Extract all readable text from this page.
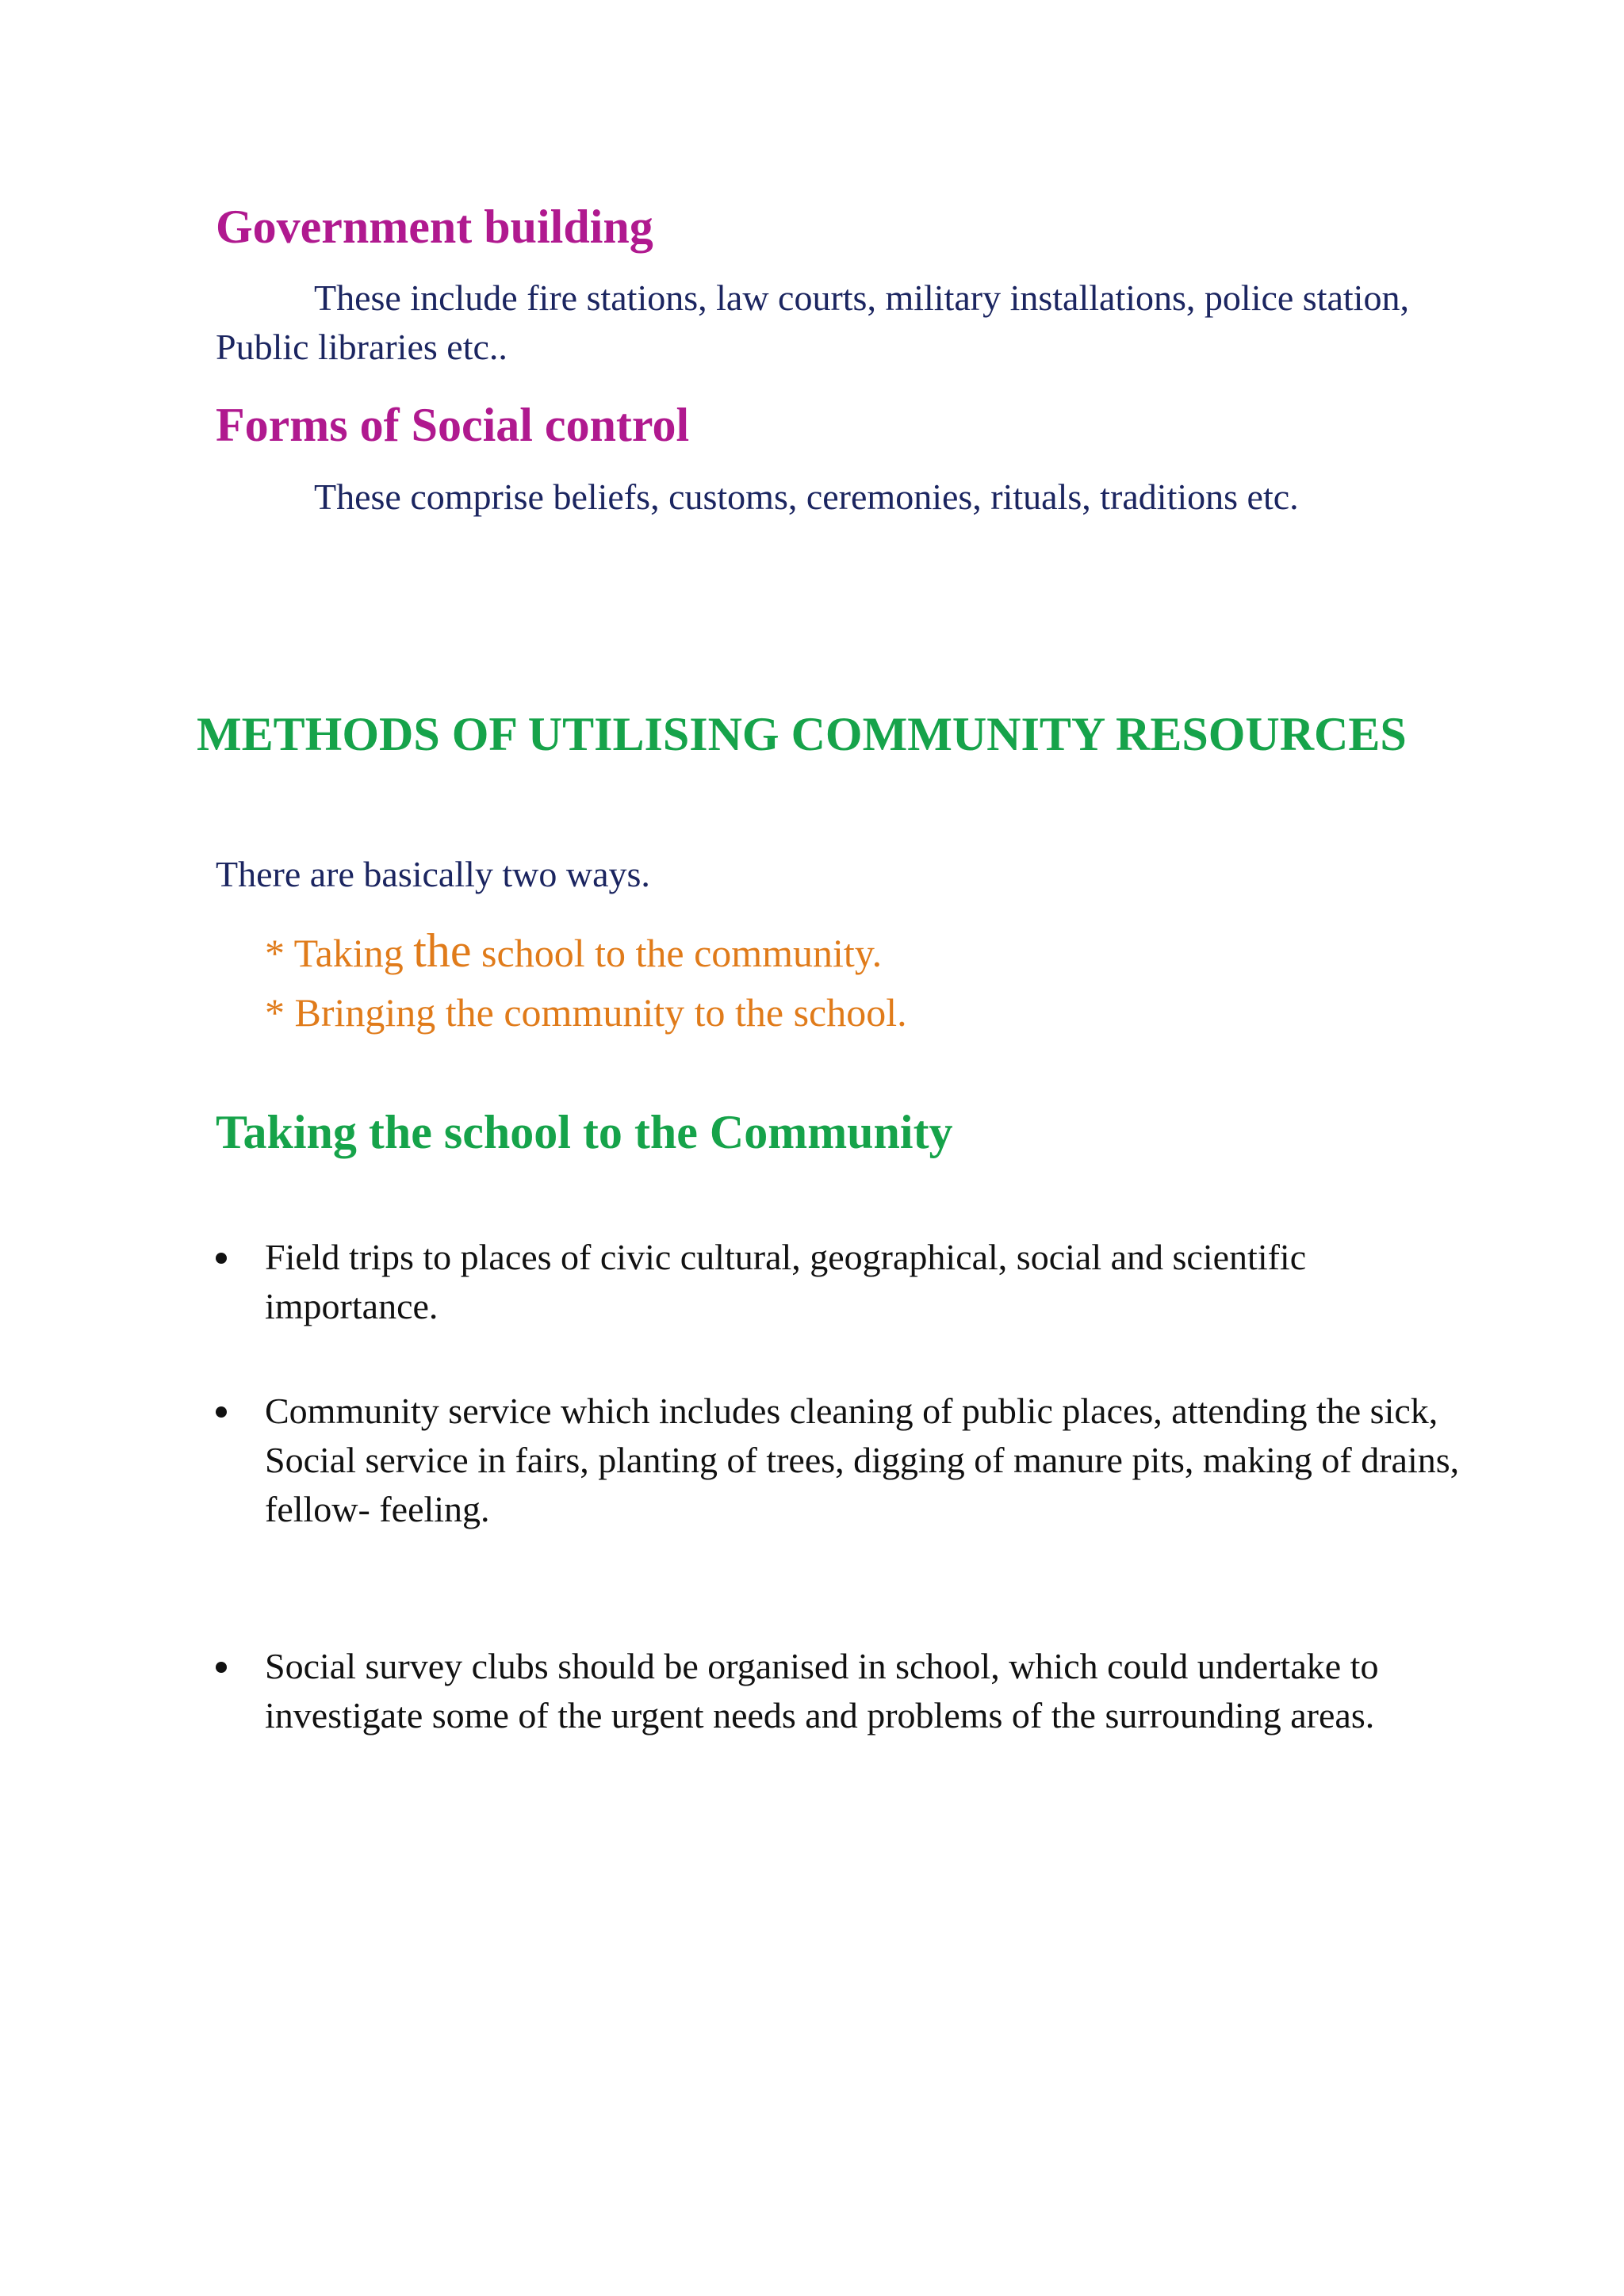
Government building
These include fire stations, law courts, military installations, police station,
Public libraries etc..
Forms of Social control
These comprise beliefs, customs, ceremonies, rituals, traditions etc.
METHODS OF UTILISING COMMUNITY RESOURCES
There are basically two ways.
* Taking the school to the community.
* Bringing the community to the school.
Taking the school to the Community
Field trips to places of civic cultural, geographical, social and scientific
importance.
Community service which includes cleaning of public places, attending the sick,
Social service in fairs, planting of trees, digging of manure pits, making of drains,
fellow- feeling.
Social survey clubs should be organised in school, which could undertake to
investigate some of the urgent needs and problems of the surrounding areas.
